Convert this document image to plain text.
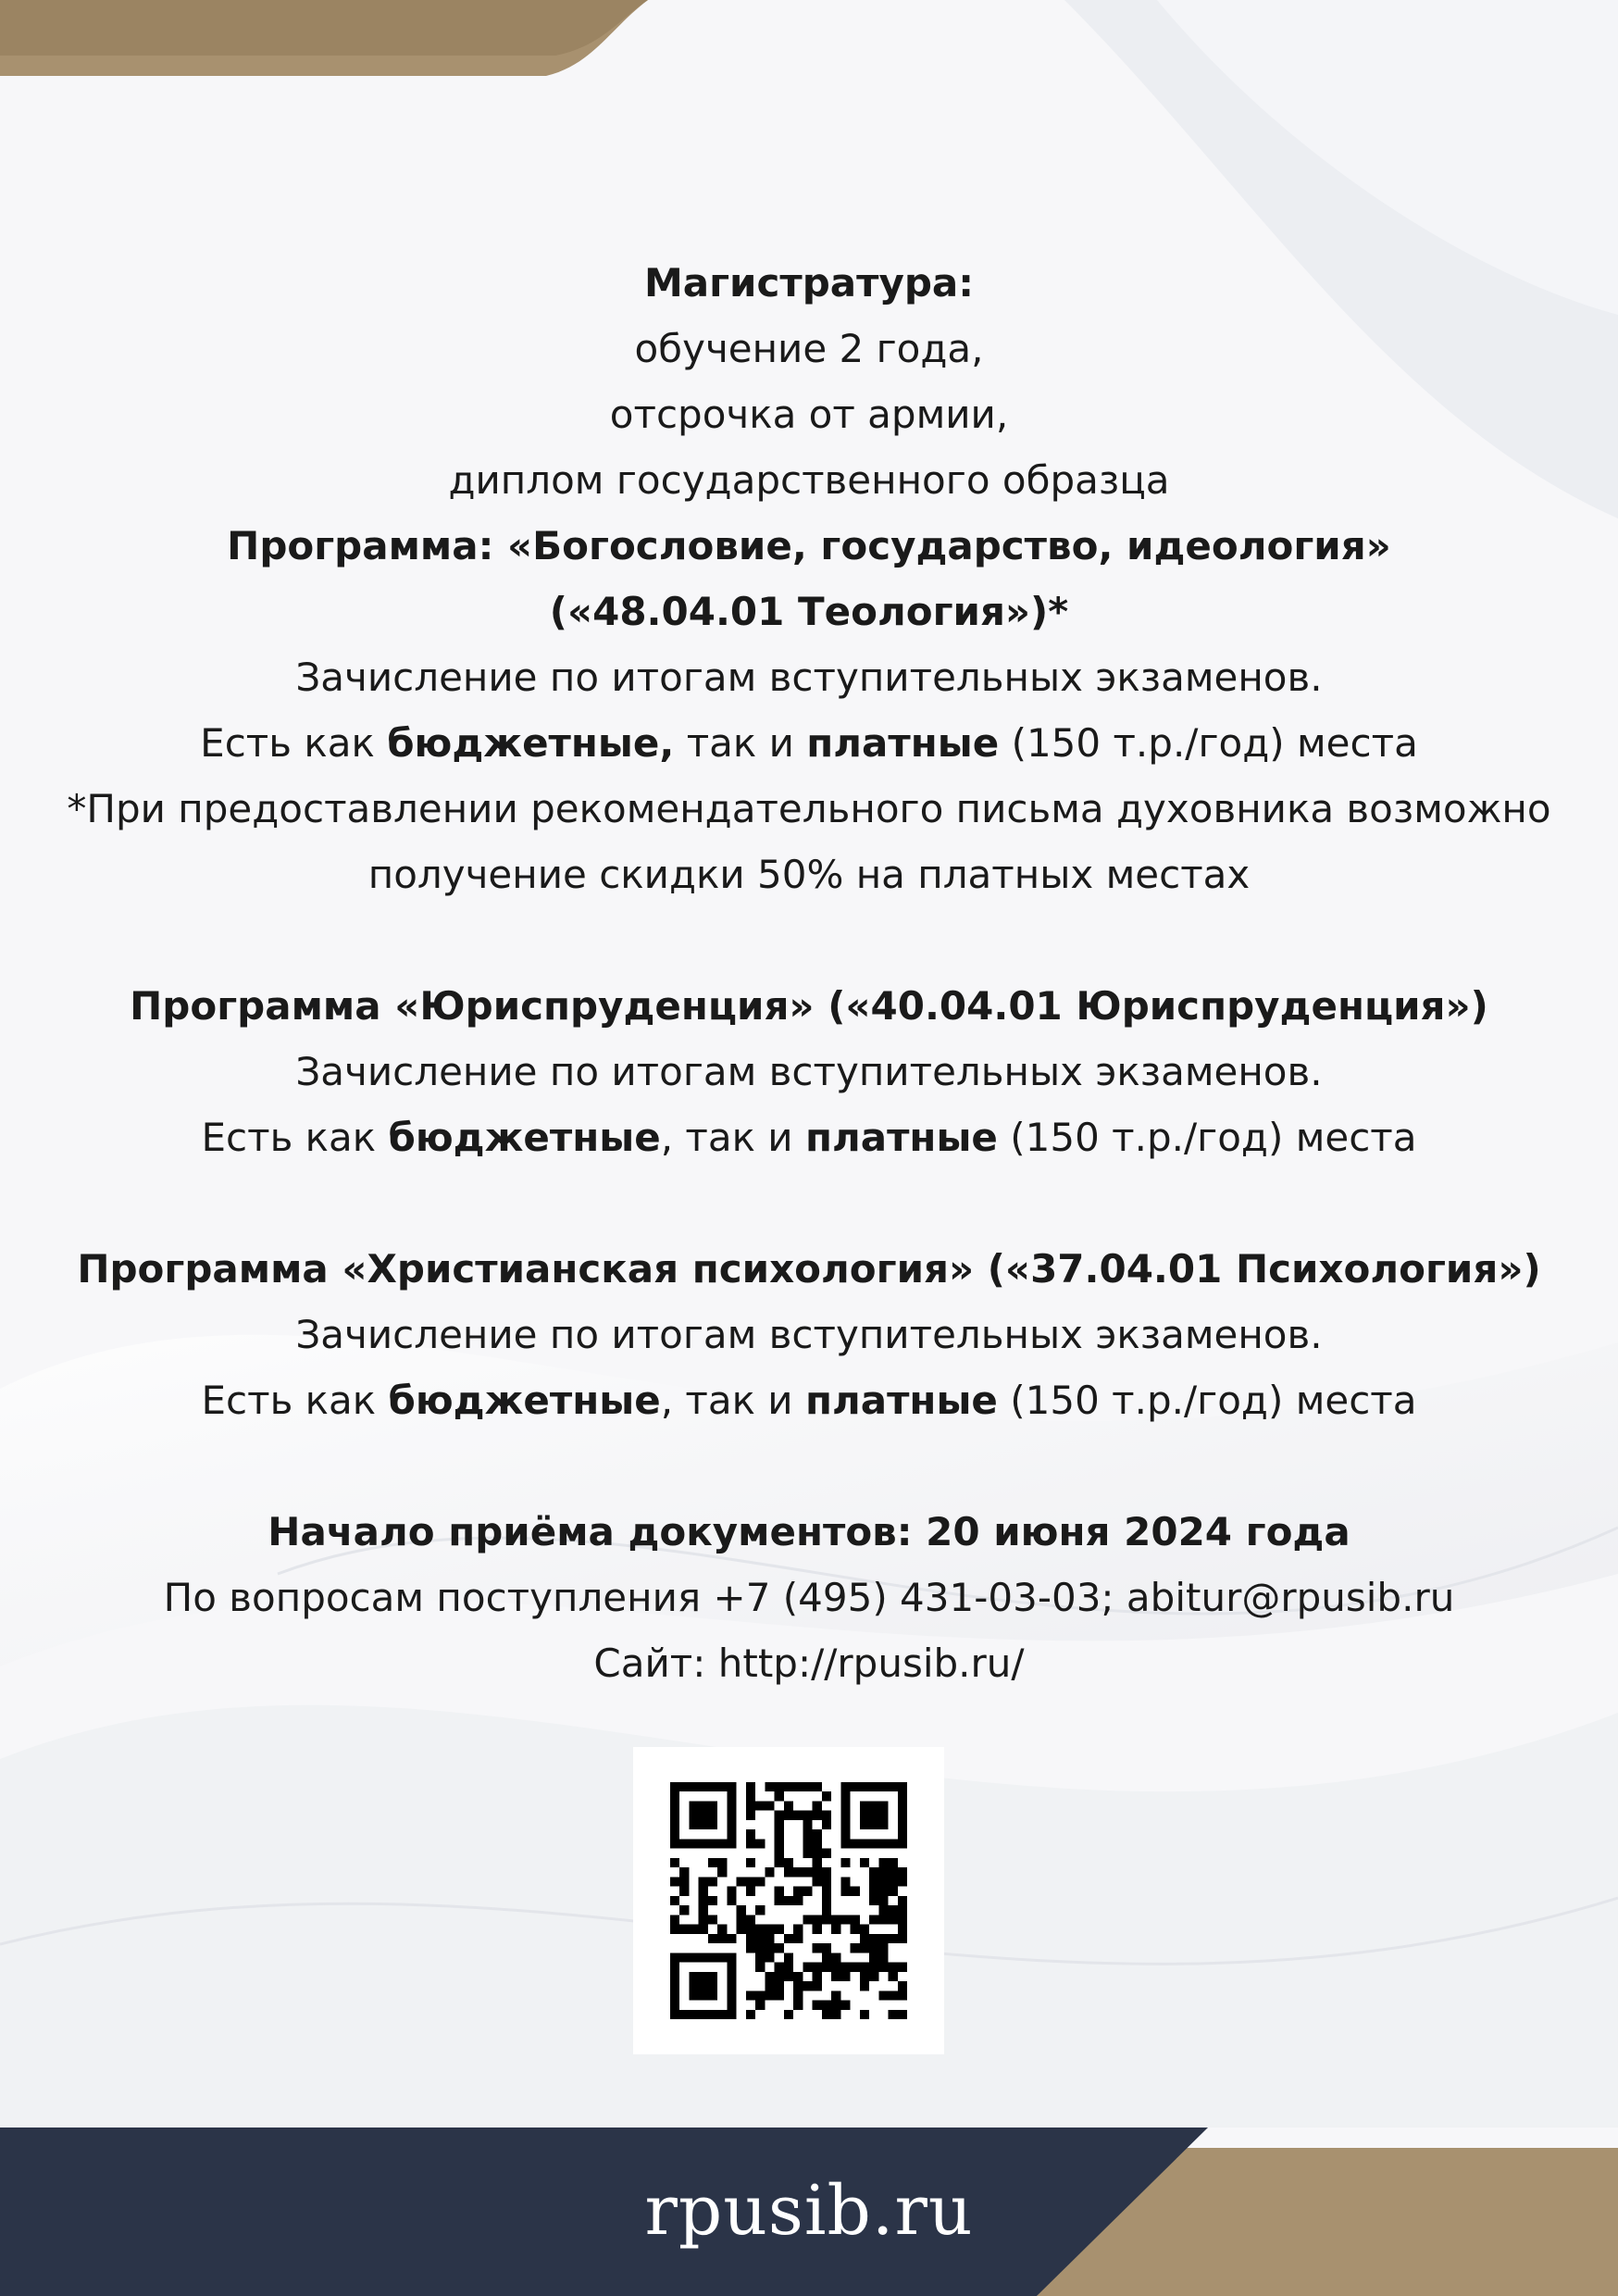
Магистратура:
обучение 2 года,
отсрочка от армии,
диплом государственного образца
Программа: «Богословие, государство, идеология»
(«48.04.01 Теология»)*
Зачисление по итогам вступительных экзаменов.
Есть как бюджетные, так и платные (150 т.р./год) места
*При предоставлении рекомендательного письма духовника возможно
получение скидки 50% на платных местах
Программа «Юриспруденция» («40.04.01 Юриспруденция»)
Зачисление по итогам вступительных экзаменов.
Есть как бюджетные, так и платные (150 т.р./год) места
Программа «Христианская психология» («37.04.01 Психология»)
Зачисление по итогам вступительных экзаменов.
Есть как бюджетные, так и платные (150 т.р./год) места
Начало приёма документов: 20 июня 2024 года
По вопросам поступления +7 (495) 431-03-03; abitur@rpusib.ru
Сайт: http://rpusib.ru/
rpusib.ru
